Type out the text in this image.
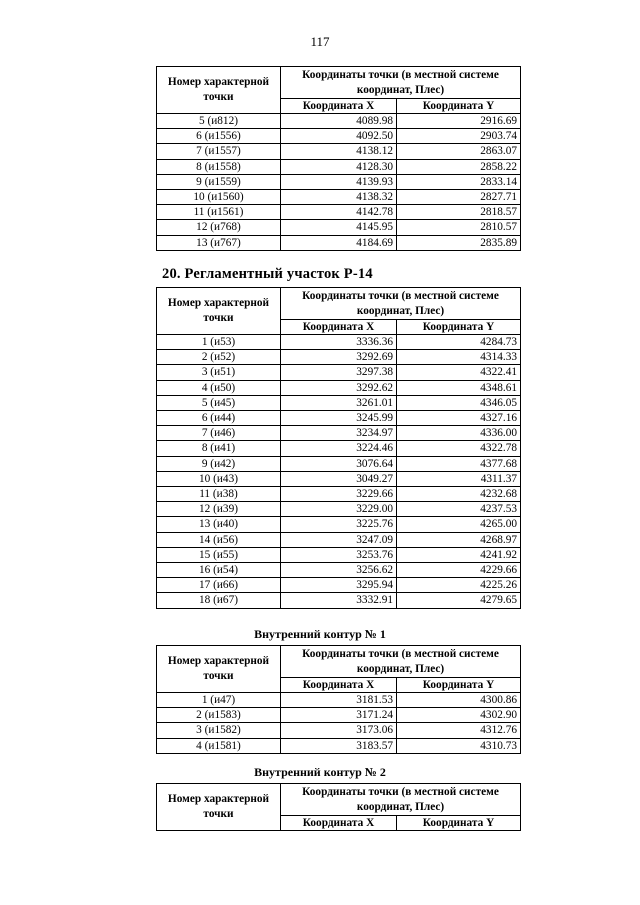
117
Номер характерной точки	Координаты точки (в местной системе координат, Плес)	
	Координата X	Координата Y
5 (и812)	4089.98	2916.69
6 (и1556)	4092.50	2903.74
7 (и1557)	4138.12	2863.07
8 (и1558)	4128.30	2858.22
9 (и1559)	4139.93	2833.14
10 (и1560)	4138.32	2827.71
11 (и1561)	4142.78	2818.57
12 (и768)	4145.95	2810.57
13 (и767)	4184.69	2835.89
20. Регламентный участок Р-14
Номер характерной точки	Координаты точки (в местной системе координат, Плес)	
	Координата X	Координата Y
1 (и53)	3336.36	4284.73
2 (и52)	3292.69	4314.33
3 (и51)	3297.38	4322.41
4 (и50)	3292.62	4348.61
5 (и45)	3261.01	4346.05
6 (и44)	3245.99	4327.16
7 (и46)	3234.97	4336.00
8 (и41)	3224.46	4322.78
9 (и42)	3076.64	4377.68
10 (и43)	3049.27	4311.37
11 (и38)	3229.66	4232.68
12 (и39)	3229.00	4237.53
13 (и40)	3225.76	4265.00
14 (и56)	3247.09	4268.97
15 (и55)	3253.76	4241.92
16 (и54)	3256.62	4229.66
17 (и66)	3295.94	4225.26
18 (и67)	3332.91	4279.65
Внутренний контур № 1
Номер характерной точки	Координаты точки (в местной системе координат, Плес)	
	Координата X	Координата Y
1 (и47)	3181.53	4300.86
2 (и1583)	3171.24	4302.90
3 (и1582)	3173.06	4312.76
4 (и1581)	3183.57	4310.73
Внутренний контур № 2
Номер характерной точки	Координаты точки (в местной системе координат, Плес)	
	Координата X	Координата Y
